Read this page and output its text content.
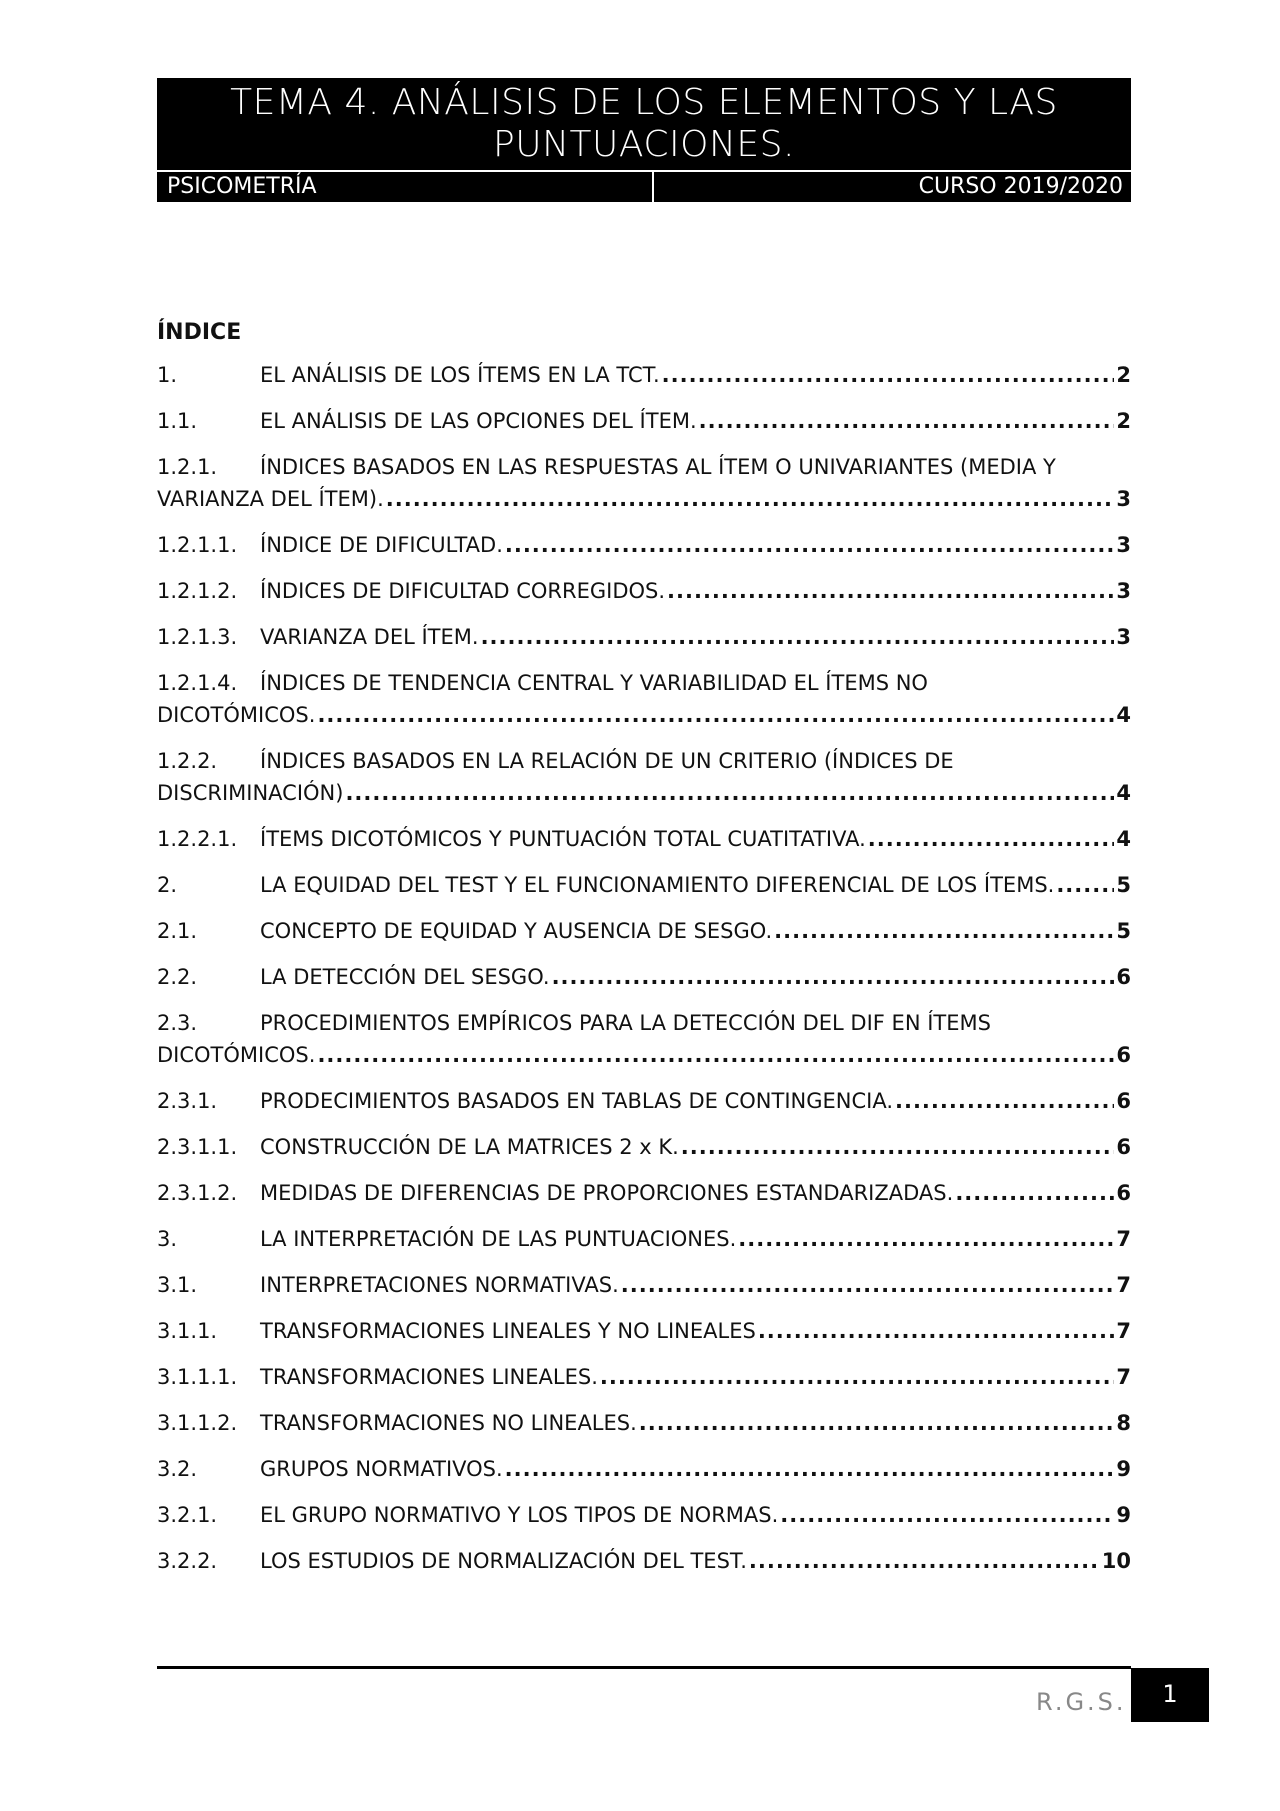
TEMA 4. ANÁLISIS DE LOS ELEMENTOS Y LAS
PUNTUACIONES.
PSICOMETRÍA	CURSO 2019/2020
ÍNDICE
1.	EL ANÁLISIS DE LOS ÍTEMS EN LA TCT. .....	2
1.1.	EL ANÁLISIS DE LAS OPCIONES DEL ÍTEM. .....	2
1.2.1. ÍNDICES BASADOS EN LAS RESPUESTAS AL ÍTEM O UNIVARIANTES (MEDIA Y
VARIANZA DEL ÍTEM). .....	3
1.2.1.1.	ÍNDICE DE DIFICULTAD. .....	3
1.2.1.2.	ÍNDICES DE DIFICULTAD CORREGIDOS. .....	3
1.2.1.3.	VARIANZA DEL ÍTEM. .....	3
1.2.1.4. ÍNDICES DE TENDENCIA CENTRAL Y VARIABILIDAD EL ÍTEMS NO
DICOTÓMICOS. .....	4
1.2.2. ÍNDICES BASADOS EN LA RELACIÓN DE UN CRITERIO (ÍNDICES DE
DISCRIMINACIÓN) .....	4
1.2.2.1.	ÍTEMS DICOTÓMICOS Y PUNTUACIÓN TOTAL CUATITATIVA. .....	4
2.	LA EQUIDAD DEL TEST Y EL FUNCIONAMIENTO DIFERENCIAL DE LOS ÍTEMS. .....	5
2.1.	CONCEPTO DE EQUIDAD Y AUSENCIA DE SESGO. .....	5
2.2.	LA DETECCIÓN DEL SESGO. .....	6
2.3.	PROCEDIMIENTOS EMPÍRICOS PARA LA DETECCIÓN DEL DIF EN ÍTEMS
DICOTÓMICOS. .....	6
2.3.1.	PRODECIMIENTOS BASADOS EN TABLAS DE CONTINGENCIA. .....	6
2.3.1.1.	CONSTRUCCIÓN DE LA MATRICES 2 x K. .....	6
2.3.1.2.	MEDIDAS DE DIFERENCIAS DE PROPORCIONES ESTANDARIZADAS. .....	6
3.	LA INTERPRETACIÓN DE LAS PUNTUACIONES. .....	7
3.1.	INTERPRETACIONES NORMATIVAS. .....	7
3.1.1.	TRANSFORMACIONES LINEALES Y NO LINEALES .....	7
3.1.1.1.	TRANSFORMACIONES LINEALES. .....	7
3.1.1.2.	TRANSFORMACIONES NO LINEALES. .....	8
3.2.	GRUPOS NORMATIVOS. .....	9
3.2.1.	EL GRUPO NORMATIVO Y LOS TIPOS DE NORMAS. .....	9
3.2.2.	LOS ESTUDIOS DE NORMALIZACIÓN DEL TEST. .....	10
R.G.S.	1
